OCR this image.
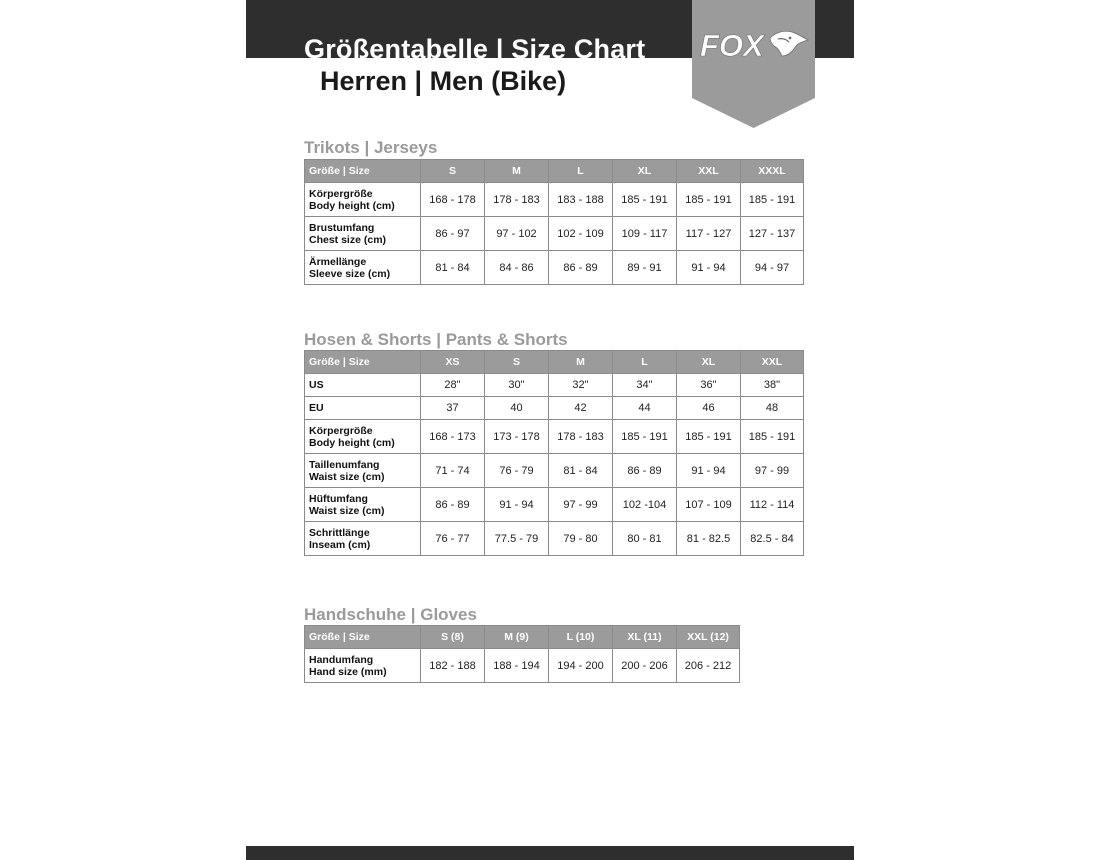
Größentabelle | Size Chart
Herren | Men (Bike)
FOX
Trikots | Jerseys
Größe | Size	S	M	L	XL	XXL	XXXL

Körpergröße
Body height (cm)	168 - 178	178 - 183	183 - 188	185 - 191	185 - 191	185 - 191

Brustumfang
Chest size (cm)	86 - 97	97 - 102	102 - 109	109 - 117	117 - 127	127 - 137

Ärmellänge
Sleeve size (cm)	81 - 84	84 - 86	86 - 89	89 - 91	91 - 94	94 - 97
Hosen & Shorts | Pants & Shorts
Größe | Size	XS	S	M	L	XL	XXL
US	28"	30"	32"	34"	36"	38"
EU	37	40	42	44	46	48

Körpergröße
Body height (cm)	168 - 173	173 - 178	178 - 183	185 - 191	185 - 191	185 - 191

Taillenumfang
Waist size (cm)	71 - 74	76 - 79	81 - 84	86 - 89	91 - 94	97 - 99

Hüftumfang
Waist size (cm)	86 - 89	91 - 94	97 - 99	102 -104	107 - 109	112 - 114

Schrittlänge
Inseam (cm)	76 - 77	77.5 - 79	79 - 80	80 - 81	81 - 82.5	82.5 - 84
Handschuhe | Gloves
Größe | Size	S (8)	M (9)	L (10)	XL (11)	XXL (12)

Handumfang
Hand size (mm)	182 - 188	188 - 194	194 - 200	200 - 206	206 - 212
